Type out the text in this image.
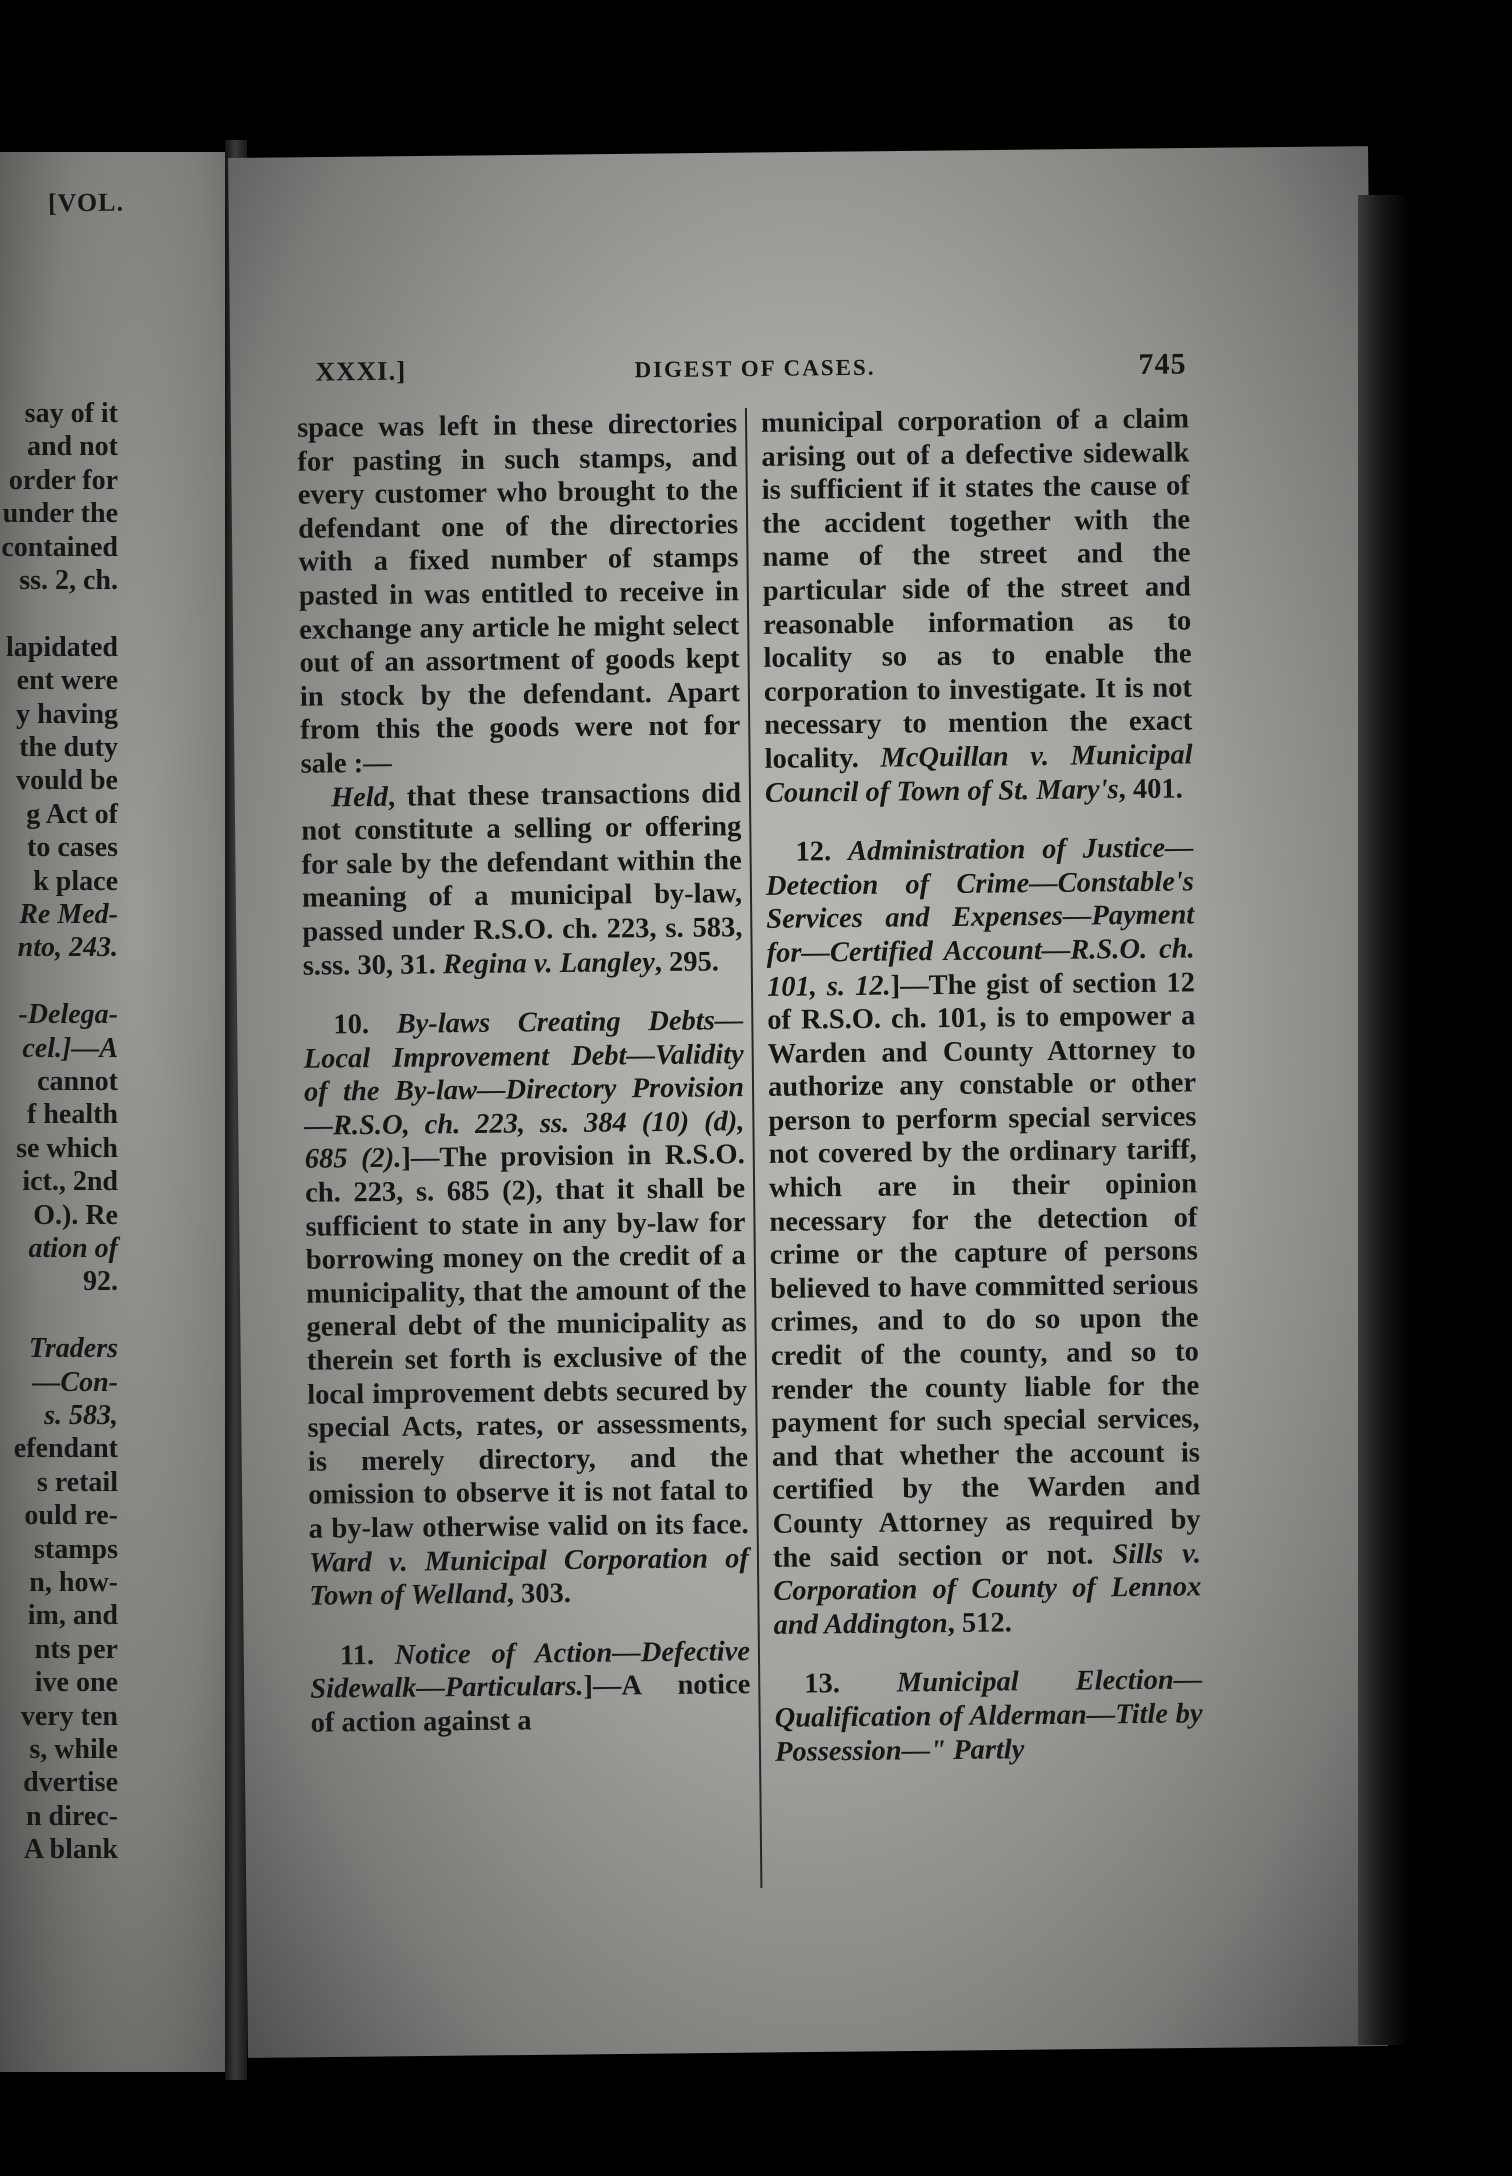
[VOL.
say of it
and not
order for
under the
contained
ss. 2, ch.
lapidated
ent were
y having
the duty
vould be
g Act of
to cases
k place
Re Med-
nto, 243.
-Delega-
cel.]—A
cannot
f health
se which
ict., 2nd
O.). Re
ation of
92.
Traders
—Con-
s. 583,
efendant
s retail
ould re-
stamps
n, how-
im, and
nts per
ive one
very ten
s, while
dvertise
n direc-
A blank
XXXI.]	DIGEST OF CASES.	745

space was left in these directories for pasting in such stamps, and every customer who brought to the defendant one of the directories with a fixed number of stamps pasted in was entitled to receive in exchange any article he might select out of an assortment of goods kept in stock by the defendant. Apart from this the goods were not for sale :—

Held, that these transactions did not constitute a selling or offering for sale by the defendant within the meaning of a municipal by-law, passed under R.S.O. ch. 223, s. 583, s.ss. 30, 31. Regina v. Langley, 295.

10. By-laws Creating Debts—Local Improvement Debt—Validity of the By-law—Directory Provision—R.S.O, ch. 223, ss. 384 (10) (d), 685 (2).]—The provision in R.S.O. ch. 223, s. 685 (2), that it shall be sufficient to state in any by-law for borrowing money on the credit of a municipality, that the amount of the general debt of the municipality as therein set forth is exclusive of the local improvement debts secured by special Acts, rates, or assessments, is merely directory, and the omission to observe it is not fatal to a by-law otherwise valid on its face. Ward v. Municipal Corporation of Town of Welland, 303.

11. Notice of Action—Defective Sidewalk—Particulars.]—A notice of action against a

municipal corporation of a claim arising out of a defective sidewalk is sufficient if it states the cause of the accident together with the name of the street and the particular side of the street and reasonable information as to locality so as to enable the corporation to investigate. It is not necessary to mention the exact locality. McQuillan v. Municipal Council of Town of St. Mary's, 401.

12. Administration of Justice—Detection of Crime—Constable's Services and Expenses—Payment for—Certified Account—R.S.O. ch. 101, s. 12.]—The gist of section 12 of R.S.O. ch. 101, is to empower a Warden and County Attorney to authorize any constable or other person to perform special services not covered by the ordinary tariff, which are in their opinion necessary for the detection of crime or the capture of persons believed to have committed serious crimes, and to do so upon the credit of the county, and so to render the county liable for the payment for such special services, and that whether the account is certified by the Warden and County Attorney as required by the said section or not. Sills v. Corporation of County of Lennox and Addington, 512.

13. Municipal Election—Qualification of Alderman—Title by Possession—" Partly
